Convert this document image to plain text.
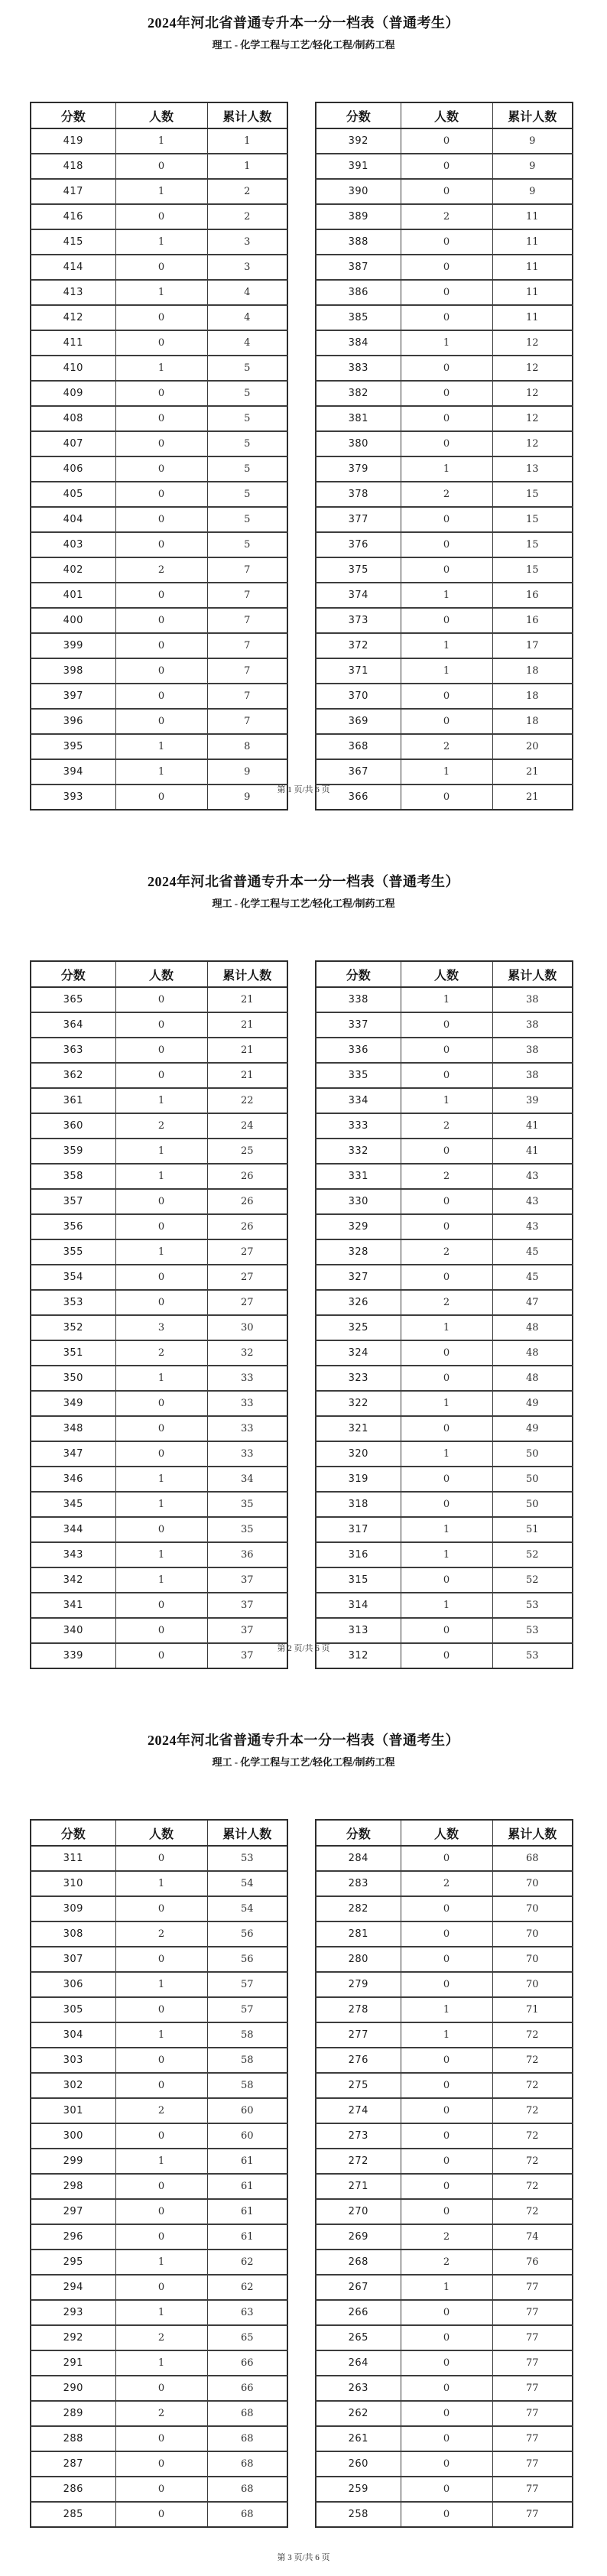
2024年河北省普通专升本一分一档表（普通考生）
理工 - 化学工程与工艺/轻化工程/制药工程
分数	人数	累计人数
419	1	1
418	0	1
417	1	2
416	0	2
415	1	3
414	0	3
413	1	4
412	0	4
411	0	4
410	1	5
409	0	5
408	0	5
407	0	5
406	0	5
405	0	5
404	0	5
403	0	5
402	2	7
401	0	7
400	0	7
399	0	7
398	0	7
397	0	7
396	0	7
395	1	8
394	1	9
393	0	9
分数	人数	累计人数
392	0	9
391	0	9
390	0	9
389	2	11
388	0	11
387	0	11
386	0	11
385	0	11
384	1	12
383	0	12
382	0	12
381	0	12
380	0	12
379	1	13
378	2	15
377	0	15
376	0	15
375	0	15
374	1	16
373	0	16
372	1	17
371	1	18
370	0	18
369	0	18
368	2	20
367	1	21
366	0	21
第 1 页/共 6 页
2024年河北省普通专升本一分一档表（普通考生）
理工 - 化学工程与工艺/轻化工程/制药工程
分数	人数	累计人数
365	0	21
364	0	21
363	0	21
362	0	21
361	1	22
360	2	24
359	1	25
358	1	26
357	0	26
356	0	26
355	1	27
354	0	27
353	0	27
352	3	30
351	2	32
350	1	33
349	0	33
348	0	33
347	0	33
346	1	34
345	1	35
344	0	35
343	1	36
342	1	37
341	0	37
340	0	37
339	0	37
分数	人数	累计人数
338	1	38
337	0	38
336	0	38
335	0	38
334	1	39
333	2	41
332	0	41
331	2	43
330	0	43
329	0	43
328	2	45
327	0	45
326	2	47
325	1	48
324	0	48
323	0	48
322	1	49
321	0	49
320	1	50
319	0	50
318	0	50
317	1	51
316	1	52
315	0	52
314	1	53
313	0	53
312	0	53
第 2 页/共 6 页
2024年河北省普通专升本一分一档表（普通考生）
理工 - 化学工程与工艺/轻化工程/制药工程
分数	人数	累计人数
311	0	53
310	1	54
309	0	54
308	2	56
307	0	56
306	1	57
305	0	57
304	1	58
303	0	58
302	0	58
301	2	60
300	0	60
299	1	61
298	0	61
297	0	61
296	0	61
295	1	62
294	0	62
293	1	63
292	2	65
291	1	66
290	0	66
289	2	68
288	0	68
287	0	68
286	0	68
285	0	68
分数	人数	累计人数
284	0	68
283	2	70
282	0	70
281	0	70
280	0	70
279	0	70
278	1	71
277	1	72
276	0	72
275	0	72
274	0	72
273	0	72
272	0	72
271	0	72
270	0	72
269	2	74
268	2	76
267	1	77
266	0	77
265	0	77
264	0	77
263	0	77
262	0	77
261	0	77
260	0	77
259	0	77
258	0	77
第 3 页/共 6 页
